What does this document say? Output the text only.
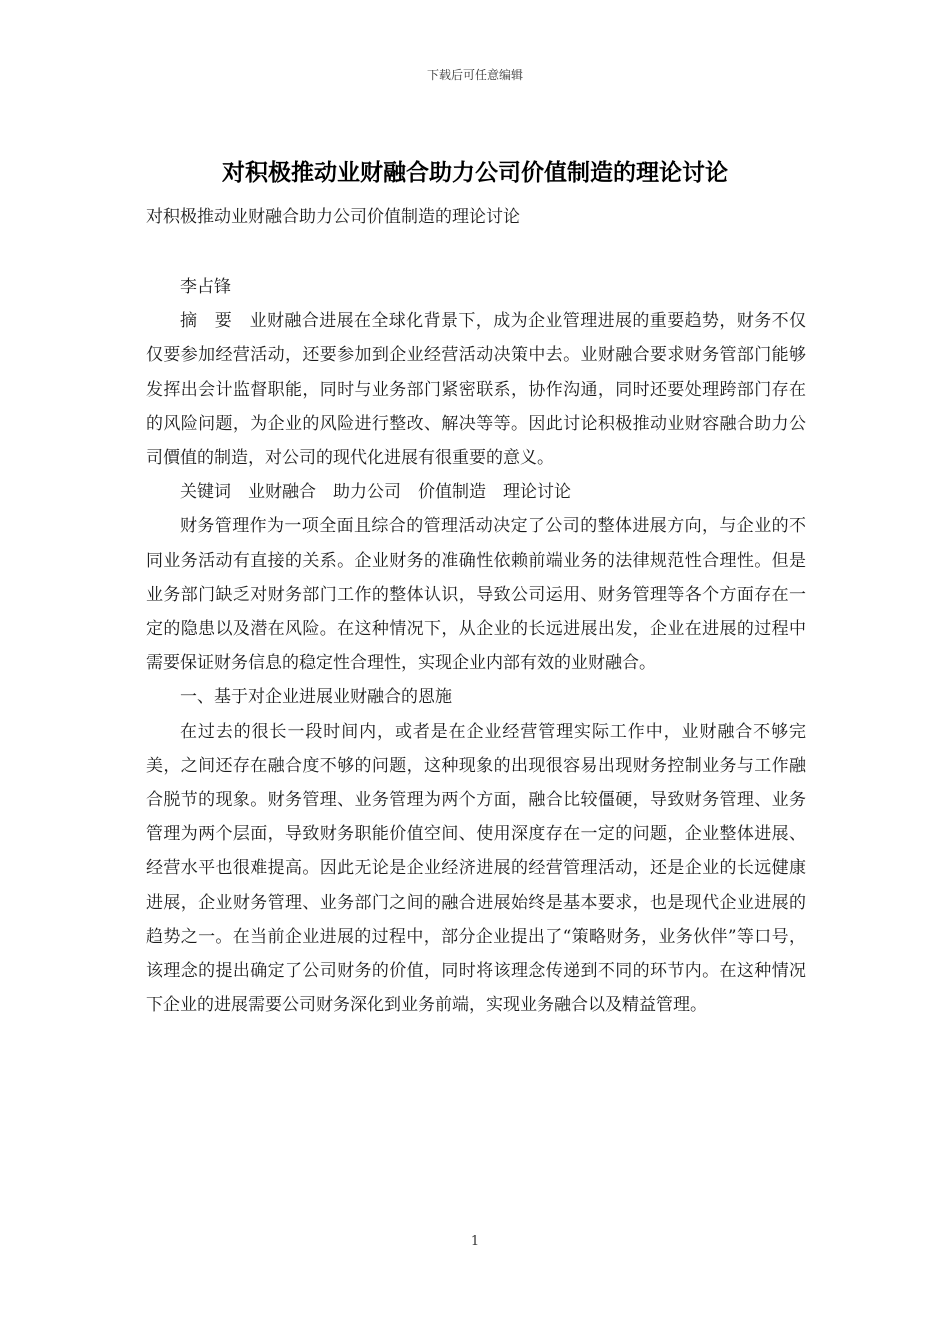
下载后可任意编辑
对积极推动业财融合助力公司价值制造的理论讨论
对积极推动业财融合助力公司价值制造的理论讨论

李占锋

摘　要　业财融合进展在全球化背景下，成为企业管理进展的重要趋势，财务不仅仅要参加经营活动，还要参加到企业经营活动决策中去。业财融合要求财务管部门能够发挥出会计监督职能，同时与业务部门紧密联系，协作沟通，同时还要处理跨部门存在的风险问题，为企业的风险进行整改、解决等等。因此讨论积极推动业财容融合助力公司價值的制造，对公司的现代化进展有很重要的意义。

关键词　业财融合　助力公司　价值制造　理论讨论

财务管理作为一项全面且综合的管理活动决定了公司的整体进展方向，与企业的不同业务活动有直接的关系。企业财务的准确性依赖前端业务的法律规范性合理性。但是业务部门缺乏对财务部门工作的整体认识，导致公司运用、财务管理等各个方面存在一定的隐患以及潜在风险。在这种情况下，从企业的长远进展出发，企业在进展的过程中需要保证财务信息的稳定性合理性，实现企业内部有效的业财融合。

一、基于对企业进展业财融合的恩施

在过去的很长一段时间内，或者是在企业经营管理实际工作中，业财融合不够完美，之间还存在融合度不够的问题，这种现象的出现很容易出现财务控制业务与工作融合脱节的现象。财务管理、业务管理为两个方面，融合比较僵硬，导致财务管理、业务管理为两个层面，导致财务职能价值空间、使用深度存在一定的问题，企业整体进展、经营水平也很难提高。因此无论是企业经济进展的经营管理活动，还是企业的长远健康进展，企业财务管理、业务部门之间的融合进展始终是基本要求，也是现代企业进展的趋势之一。在当前企业进展的过程中，部分企业提出了“策略财务，业务伙伴”等口号，该理念的提出确定了公司财务的价值，同时将该理念传递到不同的环节内。在这种情况下企业的进展需要公司财务深化到业务前端，实现业务融合以及精益管理。

1
